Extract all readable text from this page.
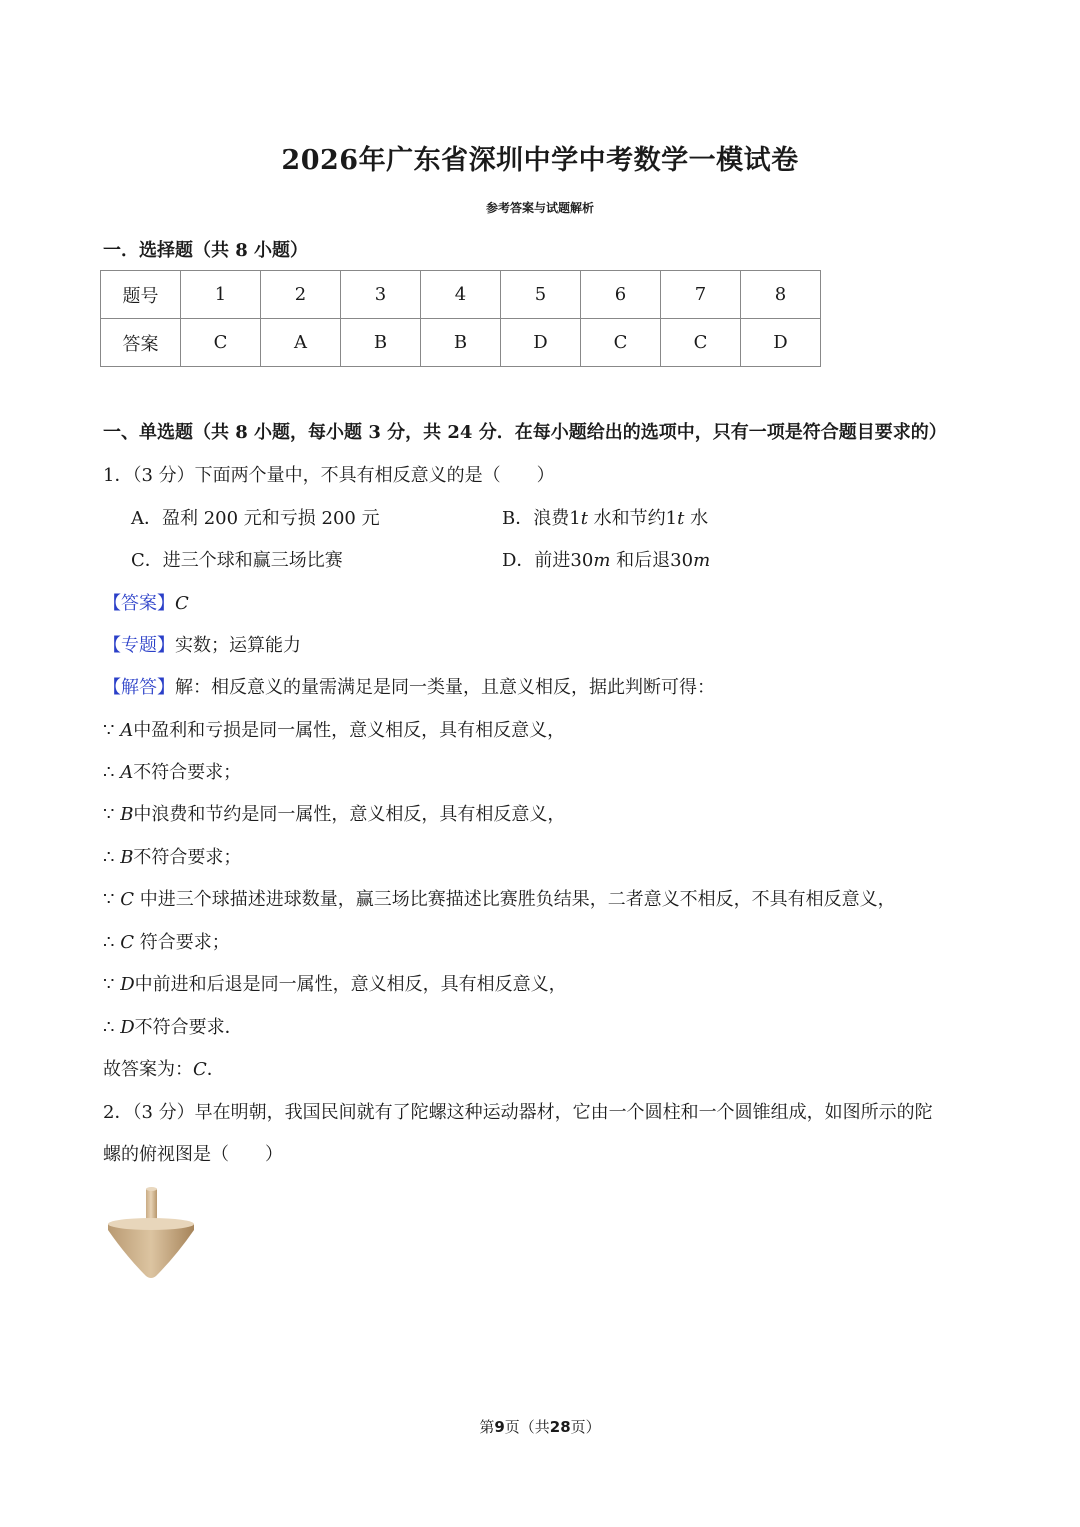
2026年广东省深圳中学中考数学一模试卷
参考答案与试题解析
一．选择题（共 8 小题）
题号	1	2	3	4	5	6	7	8
答案	C	A	B	B	D	C	C	D
一、单选题（共 8 小题，每小题 3 分，共 24 分．在每小题给出的选项中，只有一项是符合题目要求的）
1．（3 分）下面两个量中，不具有相反意义的是（　　）
A．盈利 200 元和亏损 200 元	B．浪费1t 水和节约1t 水
C．进三个球和赢三场比赛	D．前进30m 和后退30m
【答案】C
【专题】实数；运算能力
【解答】解：相反意义的量需满足是同一类量，且意义相反，据此判断可得：
∵ A中盈利和亏损是同一属性，意义相反，具有相反意义，
∴ A不符合要求；
∵ B中浪费和节约是同一属性，意义相反，具有相反意义，
∴ B不符合要求；
∵ C 中进三个球描述进球数量，赢三场比赛描述比赛胜负结果，二者意义不相反，不具有相反意义，
∴ C 符合要求；
∵ D中前进和后退是同一属性，意义相反，具有相反意义，
∴ D不符合要求．
故答案为：C．
2．（3 分）早在明朝，我国民间就有了陀螺这种运动器材，它由一个圆柱和一个圆锥组成，如图所示的陀
螺的俯视图是（　　）
第9页（共28页）
